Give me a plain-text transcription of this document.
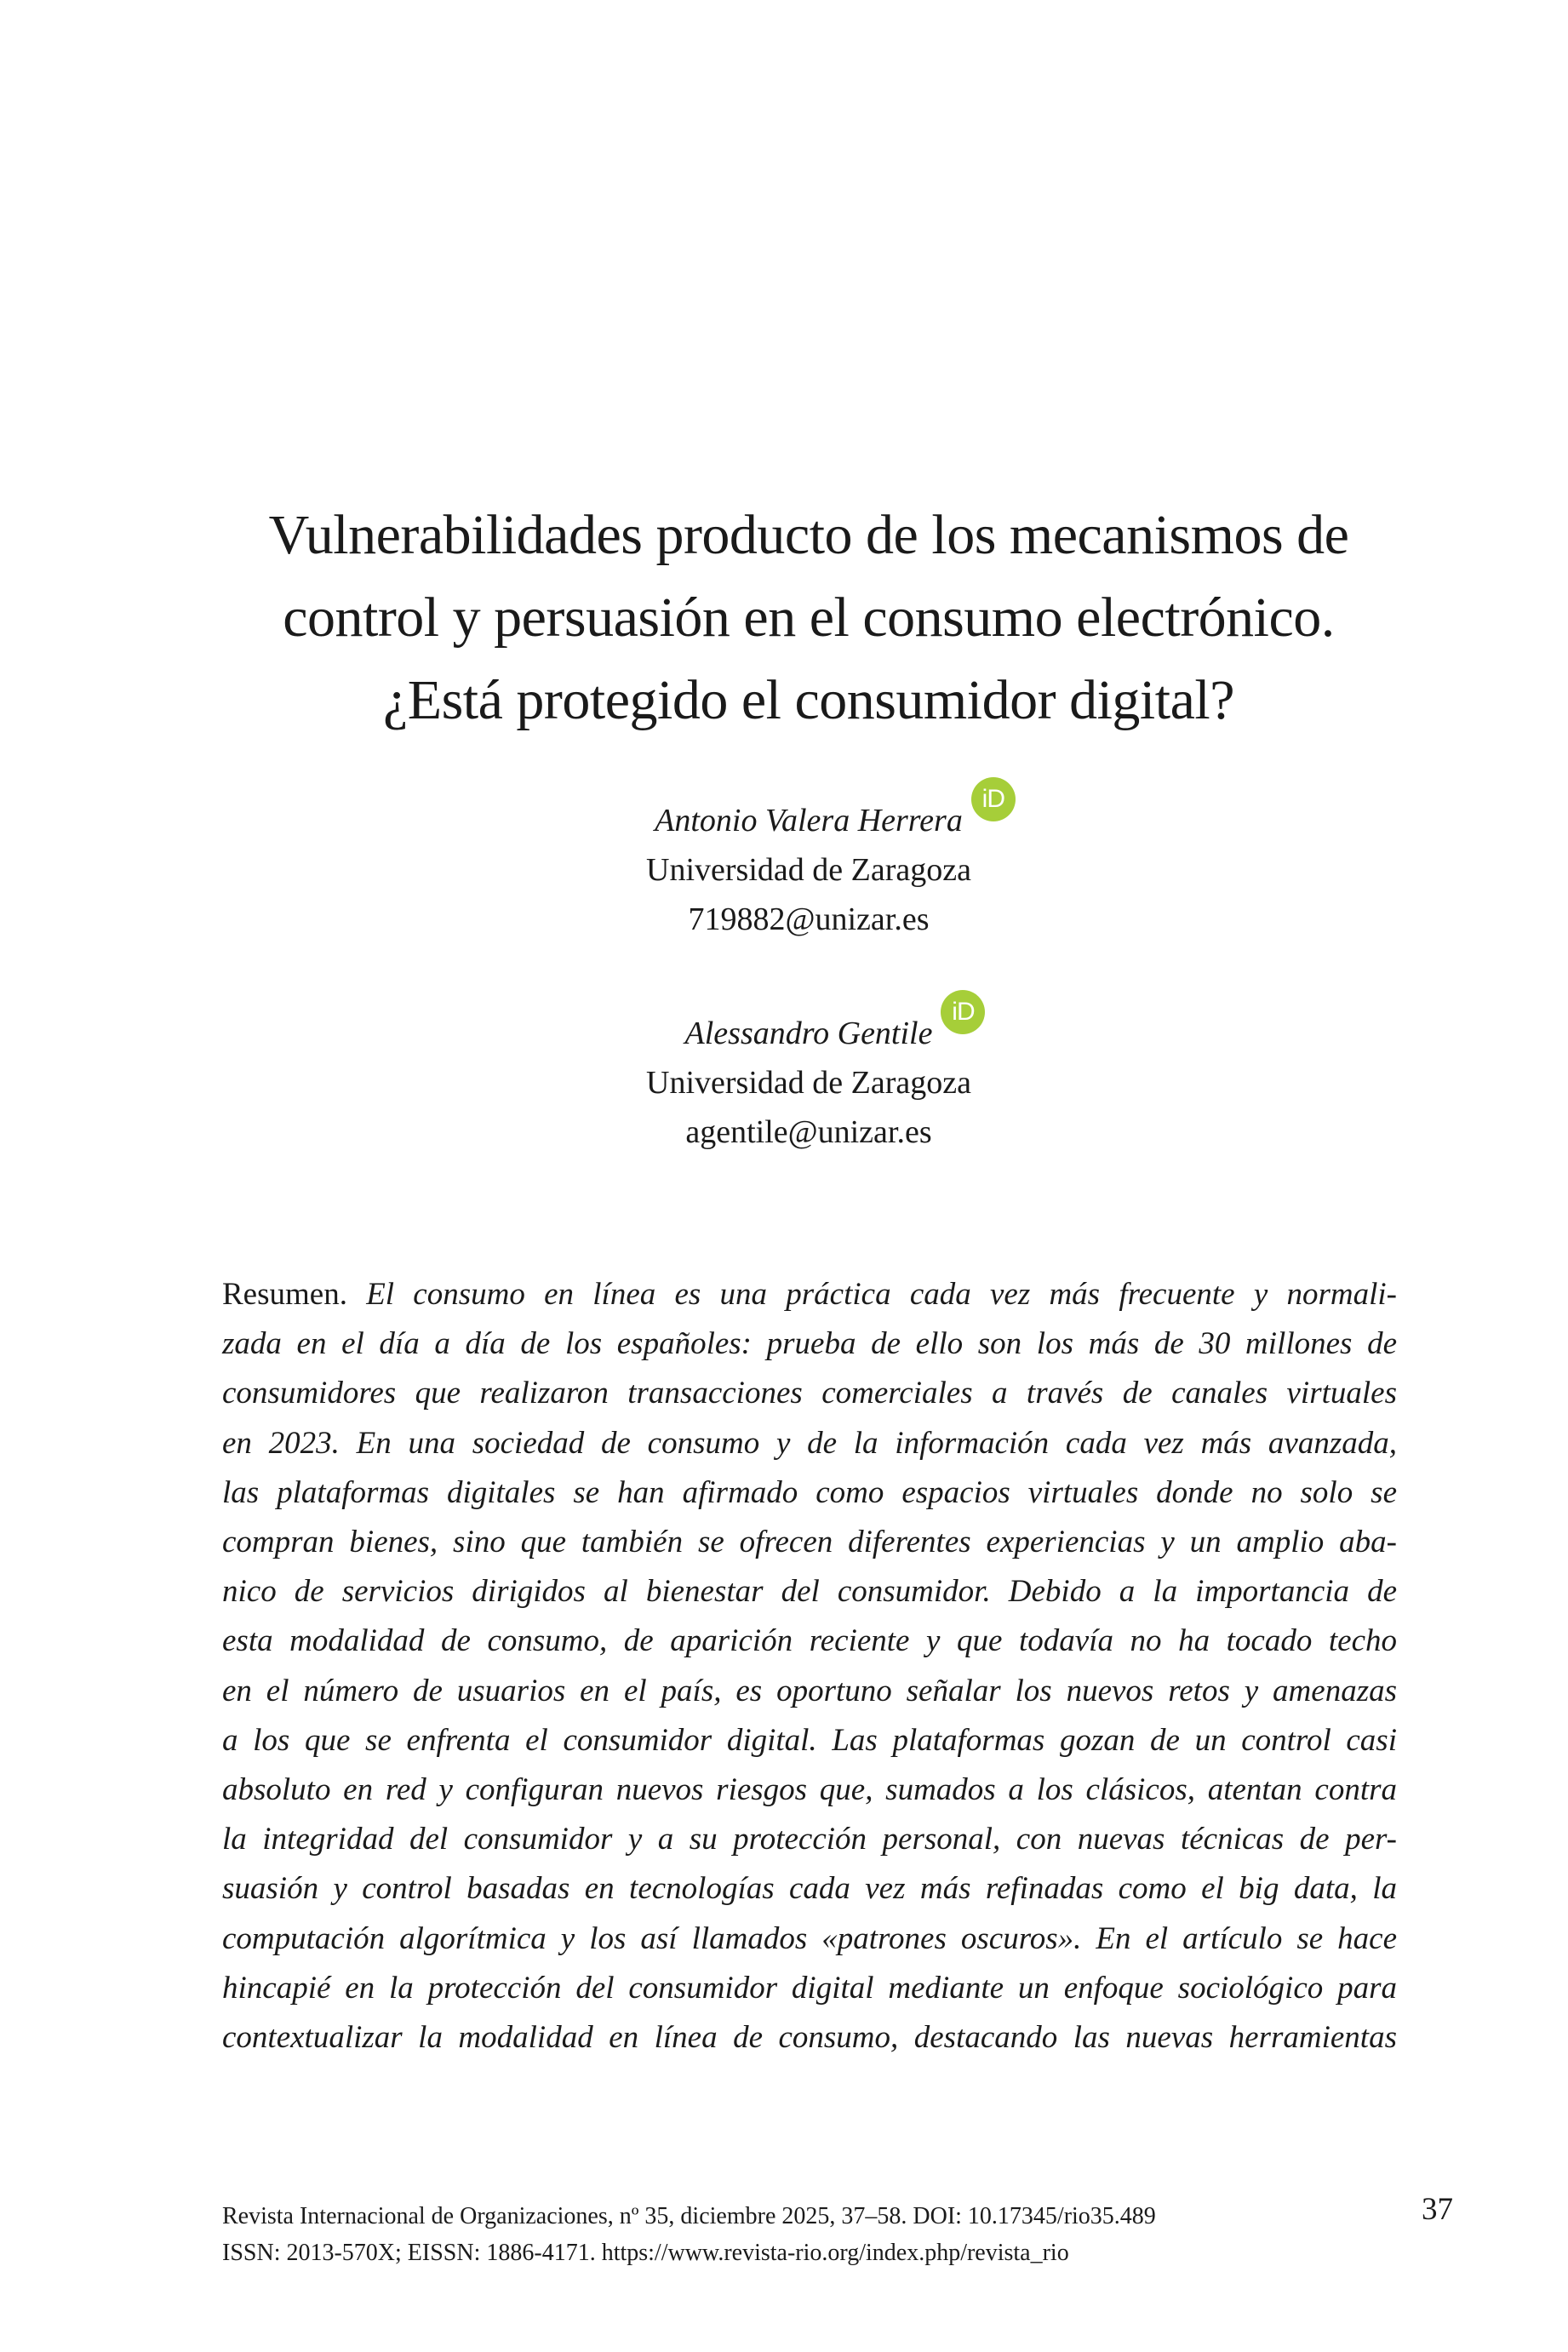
Vulnerabilidades producto de los mecanismos de
control y persuasión en el consumo electrónico.
¿Está protegido el consumidor digital?
Antonio Valera Herrera
iD
Universidad de Zaragoza
719882@unizar.es
Alessandro Gentile
iD
Universidad de Zaragoza
agentile@unizar.es
Resumen. El consumo en línea es una práctica cada vez más frecuente y normali-
zada en el día a día de los españoles: prueba de ello son los más de 30 millones de
consumidores que realizaron transacciones comerciales a través de canales virtuales
en 2023. En una sociedad de consumo y de la información cada vez más avanzada,
las plataformas digitales se han afirmado como espacios virtuales donde no solo se
compran bienes, sino que también se ofrecen diferentes experiencias y un amplio aba-
nico de servicios dirigidos al bienestar del consumidor. Debido a la importancia de
esta modalidad de consumo, de aparición reciente y que todavía no ha tocado techo
en el número de usuarios en el país, es oportuno señalar los nuevos retos y amenazas
a los que se enfrenta el consumidor digital. Las plataformas gozan de un control casi
absoluto en red y configuran nuevos riesgos que, sumados a los clásicos, atentan contra
la integridad del consumidor y a su protección personal, con nuevas técnicas de per-
suasión y control basadas en tecnologías cada vez más refinadas como el big data, la
computación algorítmica y los así llamados «patrones oscuros». En el artículo se hace
hincapié en la protección del consumidor digital mediante un enfoque sociológico para
contextualizar la modalidad en línea de consumo, destacando las nuevas herramientas
Revista Internacional de Organizaciones, nº 35, diciembre 2025, 37–58. DOI: 10.17345/rio35.489
ISSN: 2013-570X; EISSN: 1886-4171. https://www.revista-rio.org/index.php/revista_rio
37
